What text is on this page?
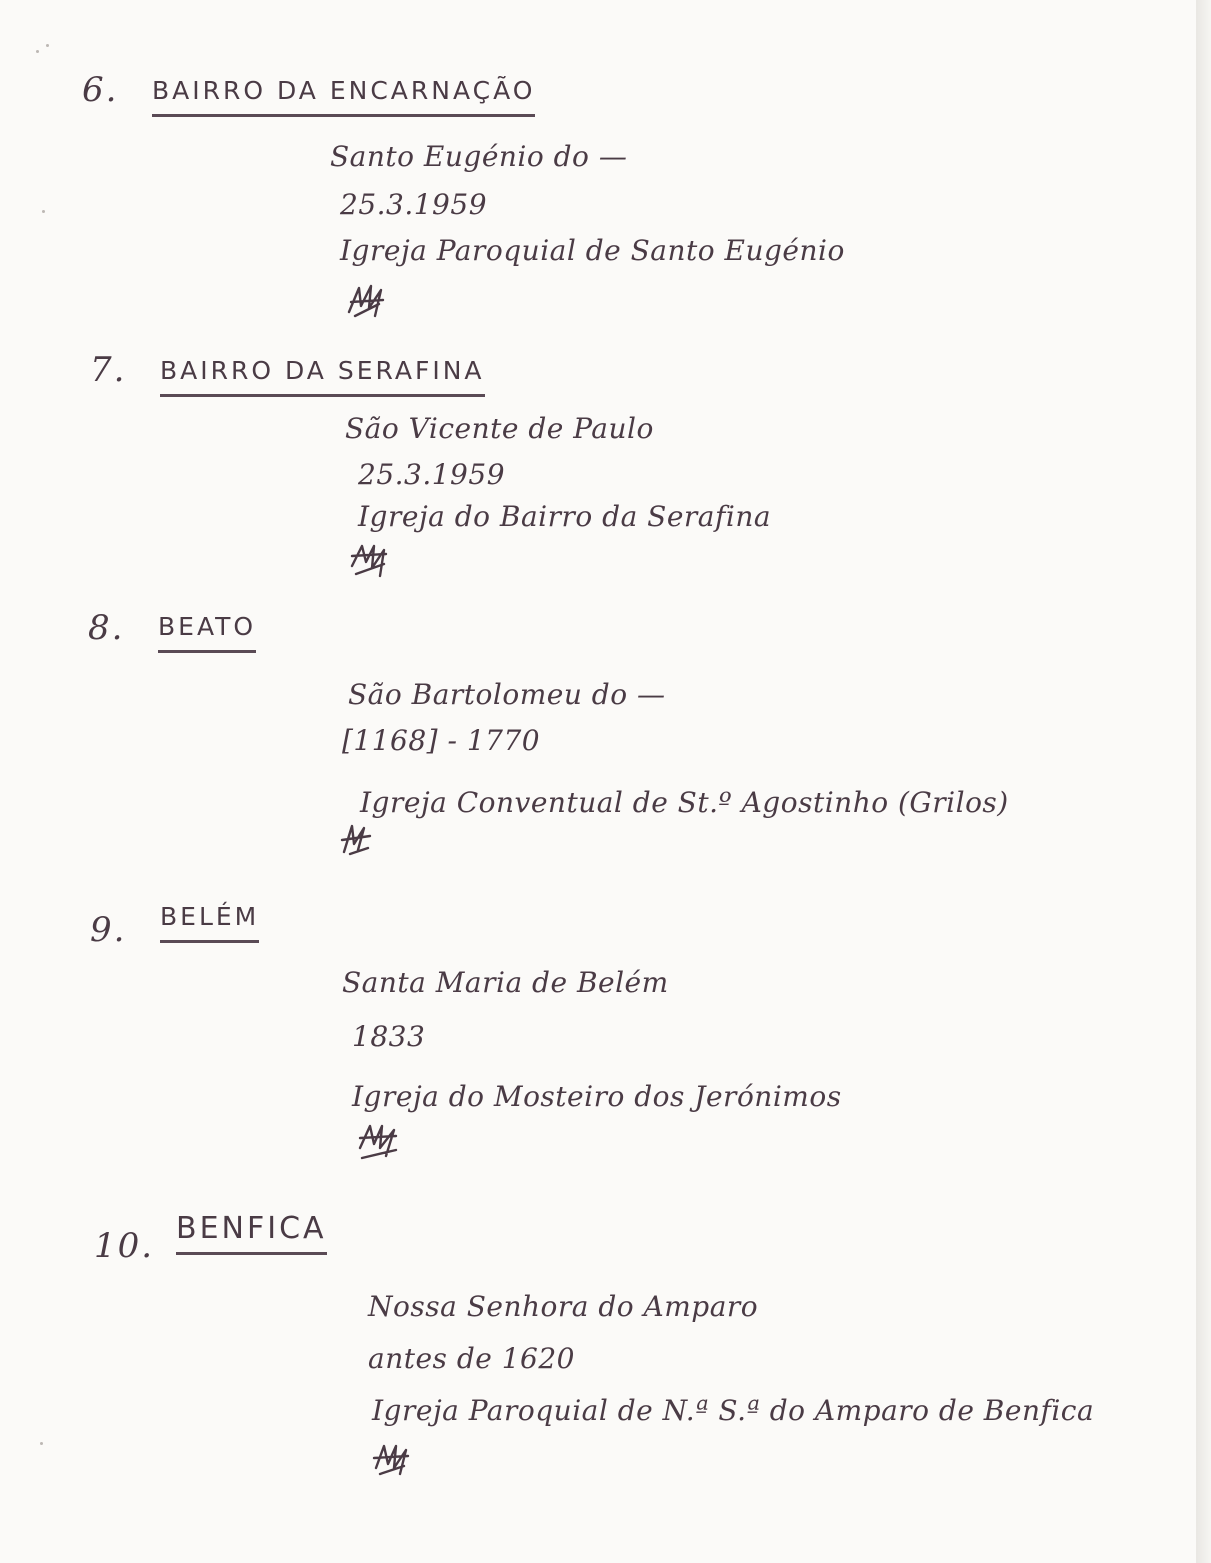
6. BAIRRO DA ENCARNAÇÃO
Santo Eugénio do —
25.3.1959
Igreja Paroquial de Santo Eugénio
7. BAIRRO DA SERAFINA
São Vicente de Paulo
25.3.1959
Igreja do Bairro da Serafina
8. BEATO
São Bartolomeu do —
[1168] - 1770
Igreja Conventual de St.º Agostinho (Grilos)
9. BELÉM
Santa Maria de Belém
1833
Igreja do Mosteiro dos Jerónimos
10. BENFICA
Nossa Senhora do Amparo
antes de 1620
Igreja Paroquial de N.ª S.ª do Amparo de Benfica
